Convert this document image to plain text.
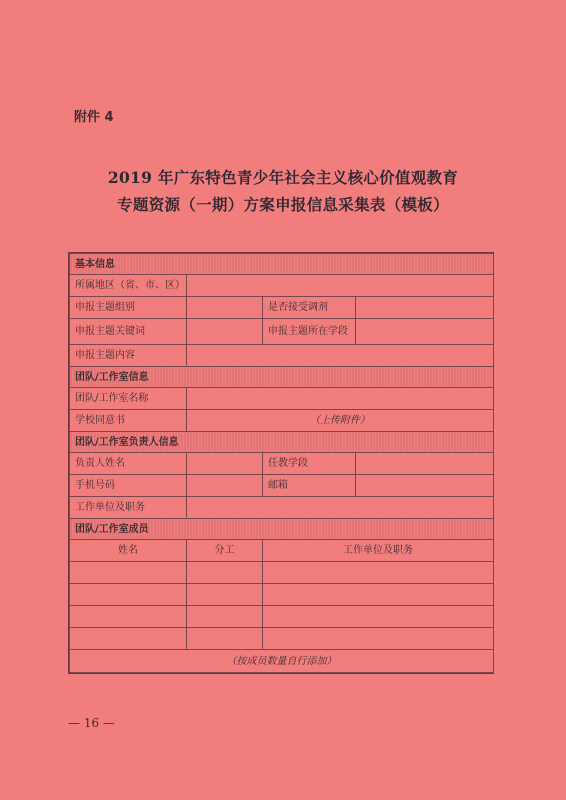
附件 4
2019 年广东特色青少年社会主义核心价值观教育
专题资源（一期）方案申报信息采集表（模板）
基本信息			
所属地区（省、市、区）			
申报主题组别		是否接受调剂	
申报主题关键词		申报主题所在学段	
申报主题内容			
团队/工作室信息			
团队/工作室名称			
学校同意书	（上传附件）		
团队/工作室负责人信息			
负责人姓名		任教学段	
手机号码		邮箱	
工作单位及职务			
团队/工作室成员			
姓名	分工	工作单位及职务	

（按成员数量自行添加）			
— 16 —
